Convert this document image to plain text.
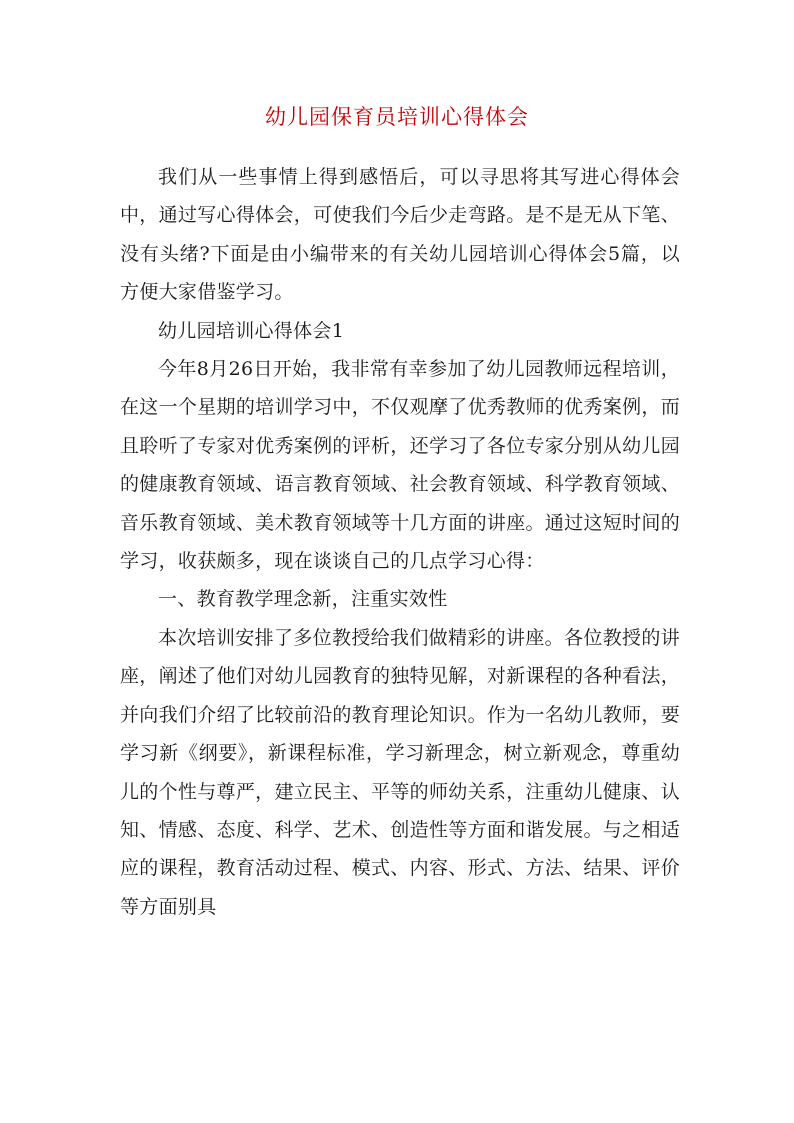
幼儿园保育员培训心得体会

我们从一些事情上得到感悟后，可以寻思将其写进心得体会中，通过写心得体会，可使我们今后少走弯路。是不是无从下笔、没有头绪?下面是由小编带来的有关幼儿园培训心得体会5篇，以方便大家借鉴学习。

幼儿园培训心得体会1

今年8月26日开始，我非常有幸参加了幼儿园教师远程培训，在这一个星期的培训学习中，不仅观摩了优秀教师的优秀案例，而且聆听了专家对优秀案例的评析，还学习了各位专家分别从幼儿园的健康教育领域、语言教育领域、社会教育领域、科学教育领域、音乐教育领域、美术教育领域等十几方面的讲座。通过这短时间的学习，收获颇多，现在谈谈自己的几点学习心得：

一、教育教学理念新，注重实效性

本次培训安排了多位教授给我们做精彩的讲座。各位教授的讲座，阐述了他们对幼儿园教育的独特见解，对新课程的各种看法，并向我们介绍了比较前沿的教育理论知识。作为一名幼儿教师，要学习新《纲要》，新课程标准，学习新理念，树立新观念，尊重幼儿的个性与尊严，建立民主、平等的师幼关系，注重幼儿健康、认知、情感、态度、科学、艺术、创造性等方面和谐发展。与之相适应的课程，教育活动过程、模式、内容、形式、方法、结果、评价等方面别具
